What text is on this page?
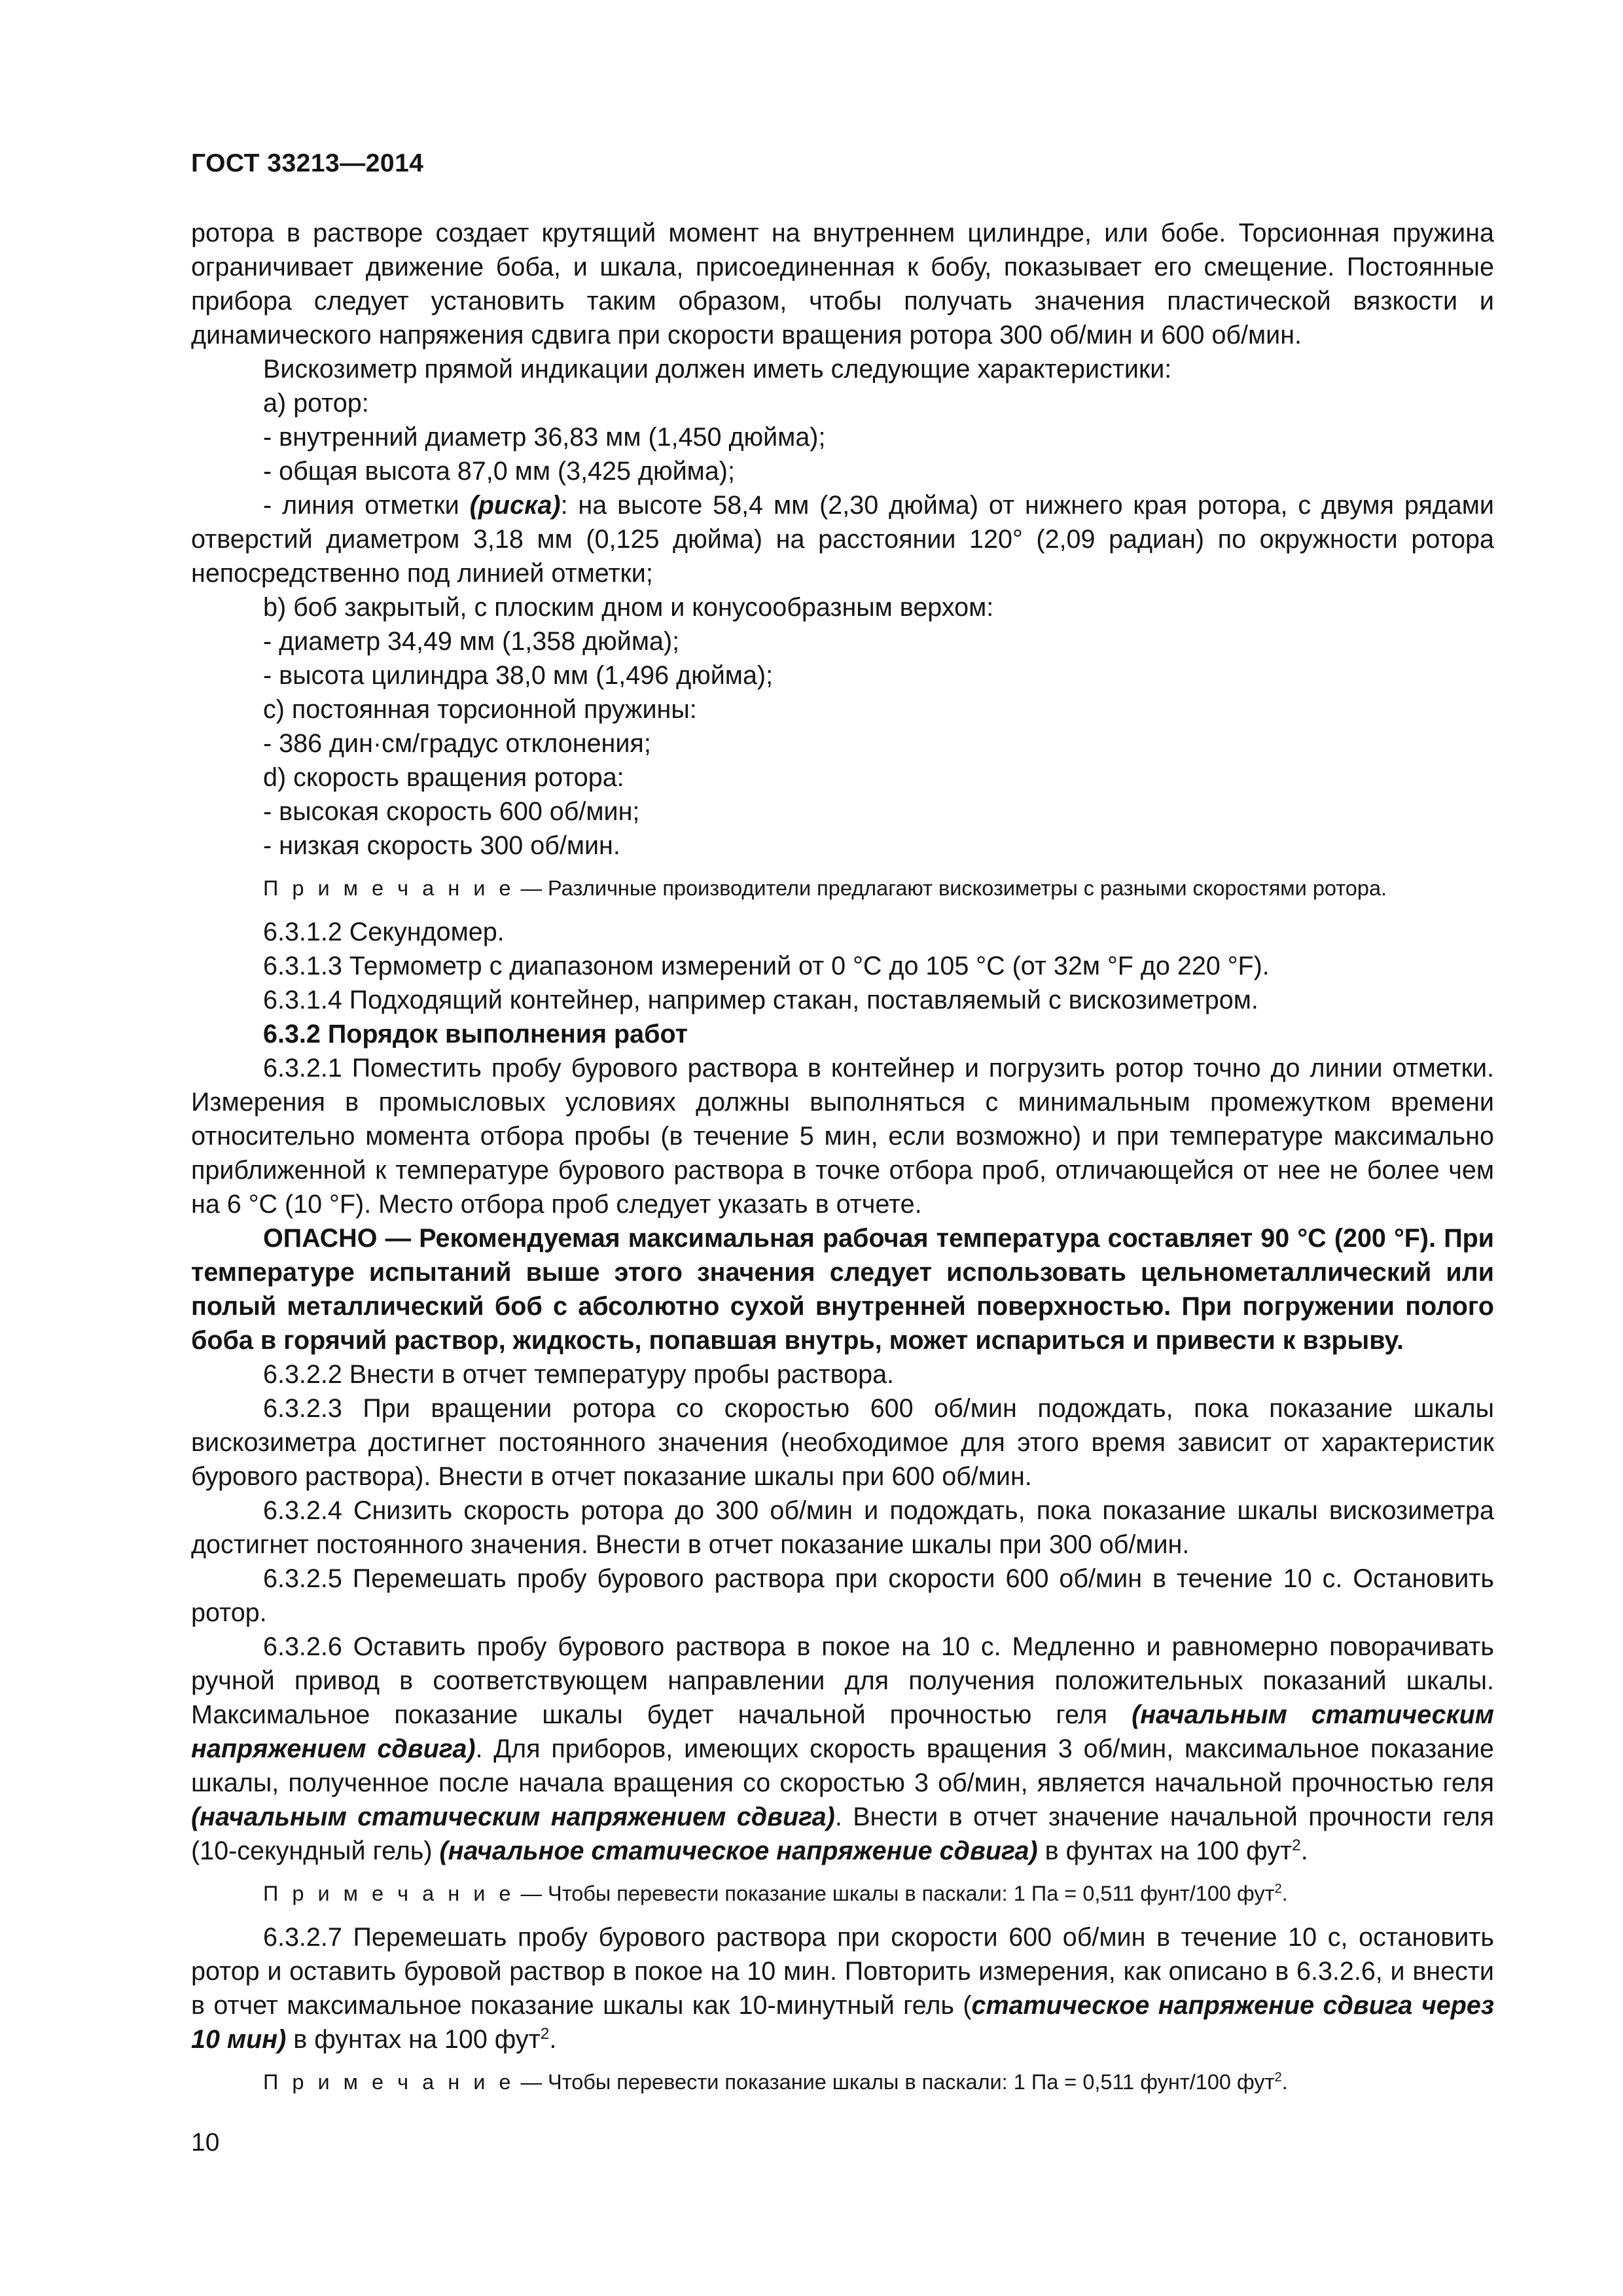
ГОСТ 33213—2014

ротора в растворе создает крутящий момент на внутреннем цилиндре, или бобе. Торсионная пружина ограничивает движение боба, и шкала, присоединенная к бобу, показывает его смещение. Постоянные прибора следует установить таким образом, чтобы получать значения пластической вязкости и динамического напряжения сдвига при скорости вращения ротора 300 об/мин и 600 об/мин.

Вискозиметр прямой индикации должен иметь следующие характеристики:

а) ротор:

- внутренний диаметр 36,83 мм (1,450 дюйма);

- общая высота 87,0 мм (3,425 дюйма);

- линия отметки (риска): на высоте 58,4 мм (2,30 дюйма) от нижнего края ротора, с двумя рядами отверстий диаметром 3,18 мм (0,125 дюйма) на расстоянии 120° (2,09 радиан) по окружности ротора непосредственно под линией отметки;

b) боб закрытый, с плоским дном и конусообразным верхом:

- диаметр 34,49 мм (1,358 дюйма);

- высота цилиндра 38,0 мм (1,496 дюйма);

с) постоянная торсионной пружины:

- 386 дин·см/градус отклонения;

d) скорость вращения ротора:

- высокая скорость 600 об/мин;

- низкая скорость 300 об/мин.

П р и м е ч а н и е — Различные производители предлагают вискозиметры с разными скоростями ротора.

6.3.1.2 Секундомер.

6.3.1.3 Термометр с диапазоном измерений от 0 °С до 105 °С (от 32м °F до 220 °F).

6.3.1.4 Подходящий контейнер, например стакан, поставляемый с вискозиметром.

6.3.2 Порядок выполнения работ

6.3.2.1 Поместить пробу бурового раствора в контейнер и погрузить ротор точно до линии отметки. Измерения в промысловых условиях должны выполняться с минимальным промежутком времени относительно момента отбора пробы (в течение 5 мин, если возможно) и при температуре максимально приближенной к температуре бурового раствора в точке отбора проб, отличающейся от нее не более чем на 6 °С (10 °F). Место отбора проб следует указать в отчете.

ОПАСНО — Рекомендуемая максимальная рабочая температура составляет 90 °С (200 °F). При температуре испытаний выше этого значения следует использовать цельнометаллический или полый металлический боб с абсолютно сухой внутренней поверхностью. При погружении полого боба в горячий раствор, жидкость, попавшая внутрь, может испариться и привести к взрыву.

6.3.2.2 Внести в отчет температуру пробы раствора.

6.3.2.3 При вращении ротора со скоростью 600 об/мин подождать, пока показание шкалы вискозиметра достигнет постоянного значения (необходимое для этого время зависит от характеристик бурового раствора). Внести в отчет показание шкалы при 600 об/мин.

6.3.2.4 Снизить скорость ротора до 300 об/мин и подождать, пока показание шкалы вискозиметра достигнет постоянного значения. Внести в отчет показание шкалы при 300 об/мин.

6.3.2.5 Перемешать пробу бурового раствора при скорости 600 об/мин в течение 10 с. Остановить ротор.

6.3.2.6 Оставить пробу бурового раствора в покое на 10 с. Медленно и равномерно поворачивать ручной привод в соответствующем направлении для получения положительных показаний шкалы. Максимальное показание шкалы будет начальной прочностью геля (начальным статическим напряжением сдвига). Для приборов, имеющих скорость вращения 3 об/мин, максимальное показание шкалы, полученное после начала вращения со скоростью 3 об/мин, является начальной прочностью геля (начальным статическим напряжением сдвига). Внести в отчет значение начальной прочности геля (10-секундный гель) (начальное статическое напряжение сдвига) в фунтах на 100 фут$^2$.

П р и м е ч а н и е — Чтобы перевести показание шкалы в паскали: 1 Па = 0,511 фунт/100 фут$^2$.

6.3.2.7 Перемешать пробу бурового раствора при скорости 600 об/мин в течение 10 с, остановить ротор и оставить буровой раствор в покое на 10 мин. Повторить измерения, как описано в 6.3.2.6, и внести в отчет максимальное показание шкалы как 10-минутный гель (статическое напряжение сдвига через 10 мин) в фунтах на 100 фут$^2$.

П р и м е ч а н и е — Чтобы перевести показание шкалы в паскали: 1 Па = 0,511 фунт/100 фут$^2$.

10
